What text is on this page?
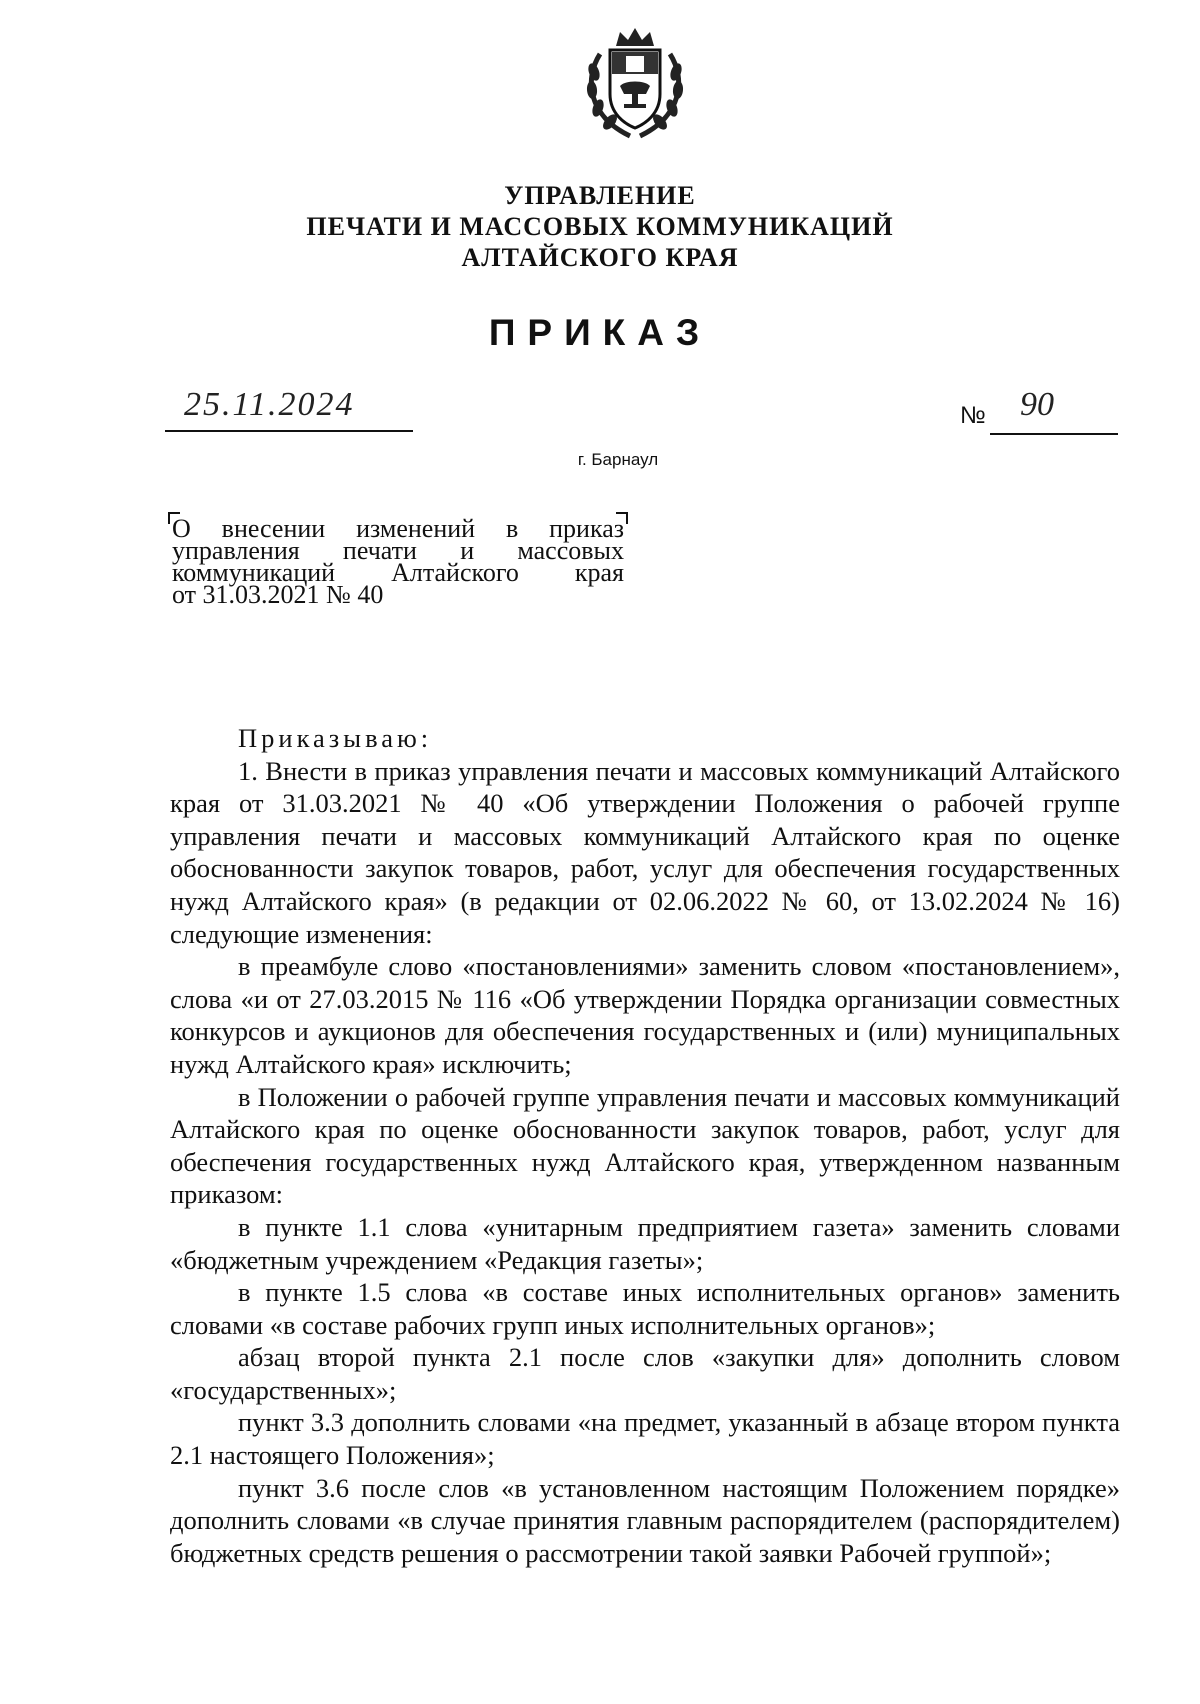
УПРАВЛЕНИЕ
ПЕЧАТИ И МАССОВЫХ КОММУНИКАЦИЙ
АЛТАЙСКОГО КРАЯ
ПРИКАЗ
25.11.2024	№ 90
г. Барнаул
О внесении изменений в приказ
управления печати и массовых
коммуникаций Алтайского края
от 31.03.2021 № 40

Приказываю:

1. Внести в приказ управления печати и массовых коммуникаций Алтайского края от 31.03.2021 № 40 «Об утверждении Положения о рабочей группе управления печати и массовых коммуникаций Алтайского края по оценке обоснованности закупок товаров, работ, услуг для обеспечения государственных нужд Алтайского края» (в редакции от 02.06.2022 № 60, от 13.02.2024 № 16) следующие изменения:

в преамбуле слово «постановлениями» заменить словом «постановлением», слова «и от 27.03.2015 № 116 «Об утверждении Порядка организации совместных конкурсов и аукционов для обеспечения государственных и (или) муниципальных нужд Алтайского края» исключить;

в Положении о рабочей группе управления печати и массовых коммуникаций Алтайского края по оценке обоснованности закупок товаров, работ, услуг для обеспечения государственных нужд Алтайского края, утвержденном названным приказом:

в пункте 1.1 слова «унитарным предприятием газета» заменить словами «бюджетным учреждением «Редакция газеты»;

в пункте 1.5 слова «в составе иных исполнительных органов» заменить словами «в составе рабочих групп иных исполнительных органов»;

абзац второй пункта 2.1 после слов «закупки для» дополнить словом «государственных»;

пункт 3.3 дополнить словами «на предмет, указанный в абзаце втором пункта 2.1 настоящего Положения»;

пункт 3.6 после слов «в установленном настоящим Положением порядке» дополнить словами «в случае принятия главным распорядителем (распорядителем) бюджетных средств решения о рассмотрении такой заявки Рабочей группой»;
